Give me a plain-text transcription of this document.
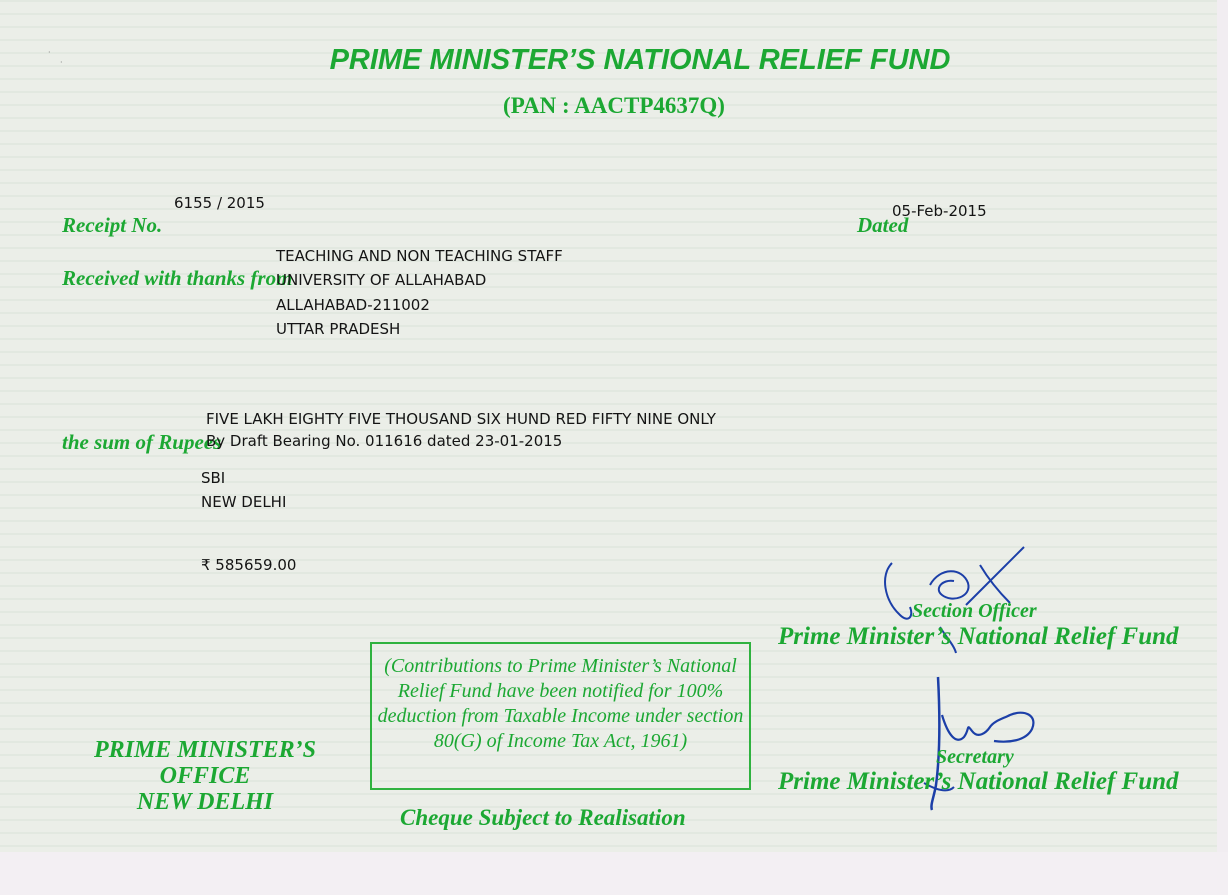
·
·	PRIME MINISTER’S NATIONAL RELIEF FUND
(PAN : AACTP4637Q)
6155 / 2015
Receipt No.	Dated
05-Feb-2015
Received with thanks from
TEACHING AND NON TEACHING STAFF
UNIVERSITY OF ALLAHABAD
ALLAHABAD-211002
UTTAR PRADESH
FIVE LAKH EIGHTY FIVE THOUSAND SIX HUND RED FIFTY NINE ONLY
the sum of Rupees
By Draft Bearing No. 011616 dated 23-01-2015
SBI
NEW DELHI
₹ 585659.00
Section Officer
Prime Minister’s National Relief Fund
(Contributions to Prime Minister’s National Relief Fund have been notified for 100% deduction from Taxable Income under section 80(G) of Income Tax Act, 1961)
PRIME MINISTER’S OFFICE
NEW DELHI
Secretary
Prime Minister’s National Relief Fund
Cheque Subject to Realisation
